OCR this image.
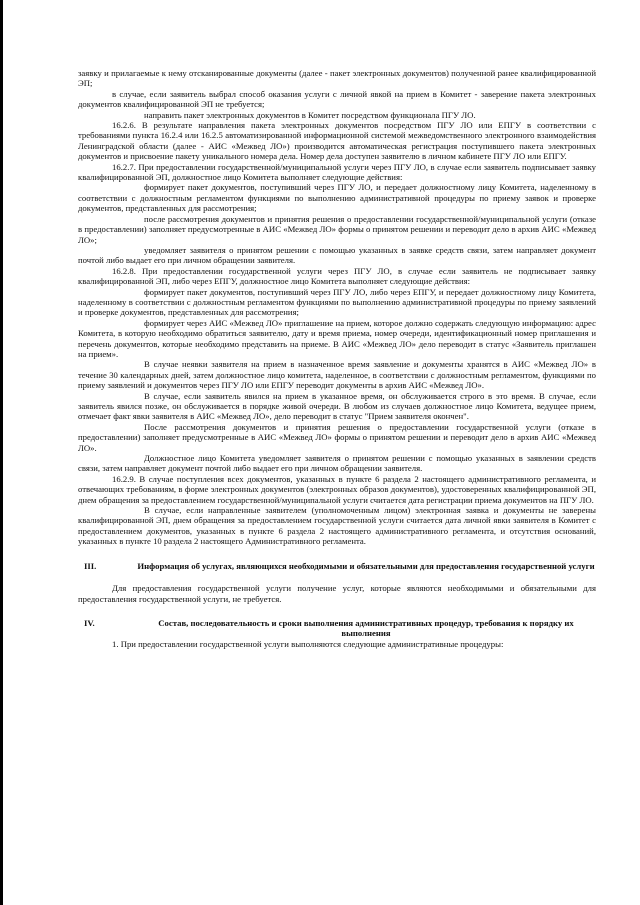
заявку и прилагаемые к нему отсканированные документы (далее - пакет электронных документов) полученной ранее квалифицированной ЭП;

в случае, если заявитель выбрал способ оказания услуги с личной явкой на прием в Комитет - заверение пакета электронных документов квалифицированной ЭП не требуется;

направить пакет электронных документов в Комитет посредством функционала ПГУ ЛО.

16.2.6. В результате направления пакета электронных документов посредством ПГУ ЛО или ЕПГУ в соответствии с требованиями пункта 16.2.4 или 16.2.5 автоматизированной информационной системой межведомственного электронного взаимодействия Ленинградской области (далее - АИС «Межвед ЛО») производится автоматическая регистрация поступившего пакета электронных документов и присвоение пакету уникального номера дела. Номер дела доступен заявителю в личном кабинете ПГУ ЛО или ЕПГУ.

16.2.7. При предоставлении государственной/муниципальной услуги через ПГУ ЛО, в случае если заявитель подписывает заявку квалифицированной ЭП, должностное лицо Комитета выполняет следующие действия:

формирует пакет документов, поступивший через ПГУ ЛО, и передает должностному лицу Комитета, наделенному в соответствии с должностным регламентом функциями по выполнению административной процедуры по приему заявок и проверке документов, представленных для рассмотрения;

после рассмотрения документов и принятия решения о предоставлении государственной/муниципальной услуги (отказе в предоставлении) заполняет предусмотренные в АИС «Межвед ЛО» формы о принятом решении и переводит дело в архив АИС «Межвед ЛО»;

уведомляет заявителя о принятом решении с помощью указанных в заявке средств связи, затем направляет документ почтой либо выдает его при личном обращении заявителя.

16.2.8. При предоставлении государственной услуги через ПГУ ЛО, в случае если заявитель не подписывает заявку квалифицированной ЭП, либо через ЕПГУ, должностное лицо Комитета выполняет следующие действия:

формирует пакет документов, поступивший через ПГУ ЛО, либо через ЕПГУ, и передает должностному лицу Комитета, наделенному в соответствии с должностным регламентом функциями по выполнению административной процедуры по приему заявлений и проверке документов, представленных для рассмотрения;

формирует через АИС «Межвед ЛО» приглашение на прием, которое должно содержать следующую информацию: адрес Комитета, в которую необходимо обратиться заявителю, дату и время приема, номер очереди, идентификационный номер приглашения и перечень документов, которые необходимо представить на приеме. В АИС «Межвед ЛО» дело переводит в статус «Заявитель приглашен на прием».

В случае неявки заявителя на прием в назначенное время заявление и документы хранятся в АИС «Межвед ЛО» в течение 30 календарных дней, затем должностное лицо комитета, наделенное, в соответствии с должностным регламентом, функциями по приему заявлений и документов через ПГУ ЛО или ЕПГУ переводит документы в архив АИС «Межвед ЛО».

В случае, если заявитель явился на прием в указанное время, он обслуживается строго в это время. В случае, если заявитель явился позже, он обслуживается в порядке живой очереди. В любом из случаев должностное лицо Комитета, ведущее прием, отмечает факт явки заявителя в АИС «Межвед ЛО», дело переводит в статус "Прием заявителя окончен".

После рассмотрения документов и принятия решения о предоставлении государственной услуги (отказе в предоставлении) заполняет предусмотренные в АИС «Межвед ЛО» формы о принятом решении и переводит дело в архив АИС «Межвед ЛО».

Должностное лицо Комитета уведомляет заявителя о принятом решении с помощью указанных в заявлении средств связи, затем направляет документ почтой либо выдает его при личном обращении заявителя.

16.2.9. В случае поступления всех документов, указанных в пункте 6 раздела 2 настоящего административного регламента, и отвечающих требованиям, в форме электронных документов (электронных образов документов), удостоверенных квалифицированной ЭП, днем обращения за предоставлением государственной/муниципальной услуги считается дата регистрации приема документов на ПГУ ЛО.

В случае, если направленные заявителем (уполномоченным лицом) электронная заявка и документы не заверены квалифицированной ЭП, днем обращения за предоставлением государственной услуги считается дата личной явки заявителя в Комитет с предоставлением документов, указанных в пункте 6 раздела 2 настоящего административного регламента, и отсутствия оснований, указанных в пункте 10 раздела 2 настоящего Административного регламента.

III.	Информация об услугах, являющихся необходимыми и обязательными для предоставления государственной услуги

Для предоставления государственной услуги получение услуг, которые являются необходимыми и обязательными для предоставления государственной услуги, не требуется.

IV.	Состав, последовательность и сроки выполнения административных процедур, требования к порядку их выполнения

1. При предоставлении государственной услуги выполняются следующие административные процедуры:
